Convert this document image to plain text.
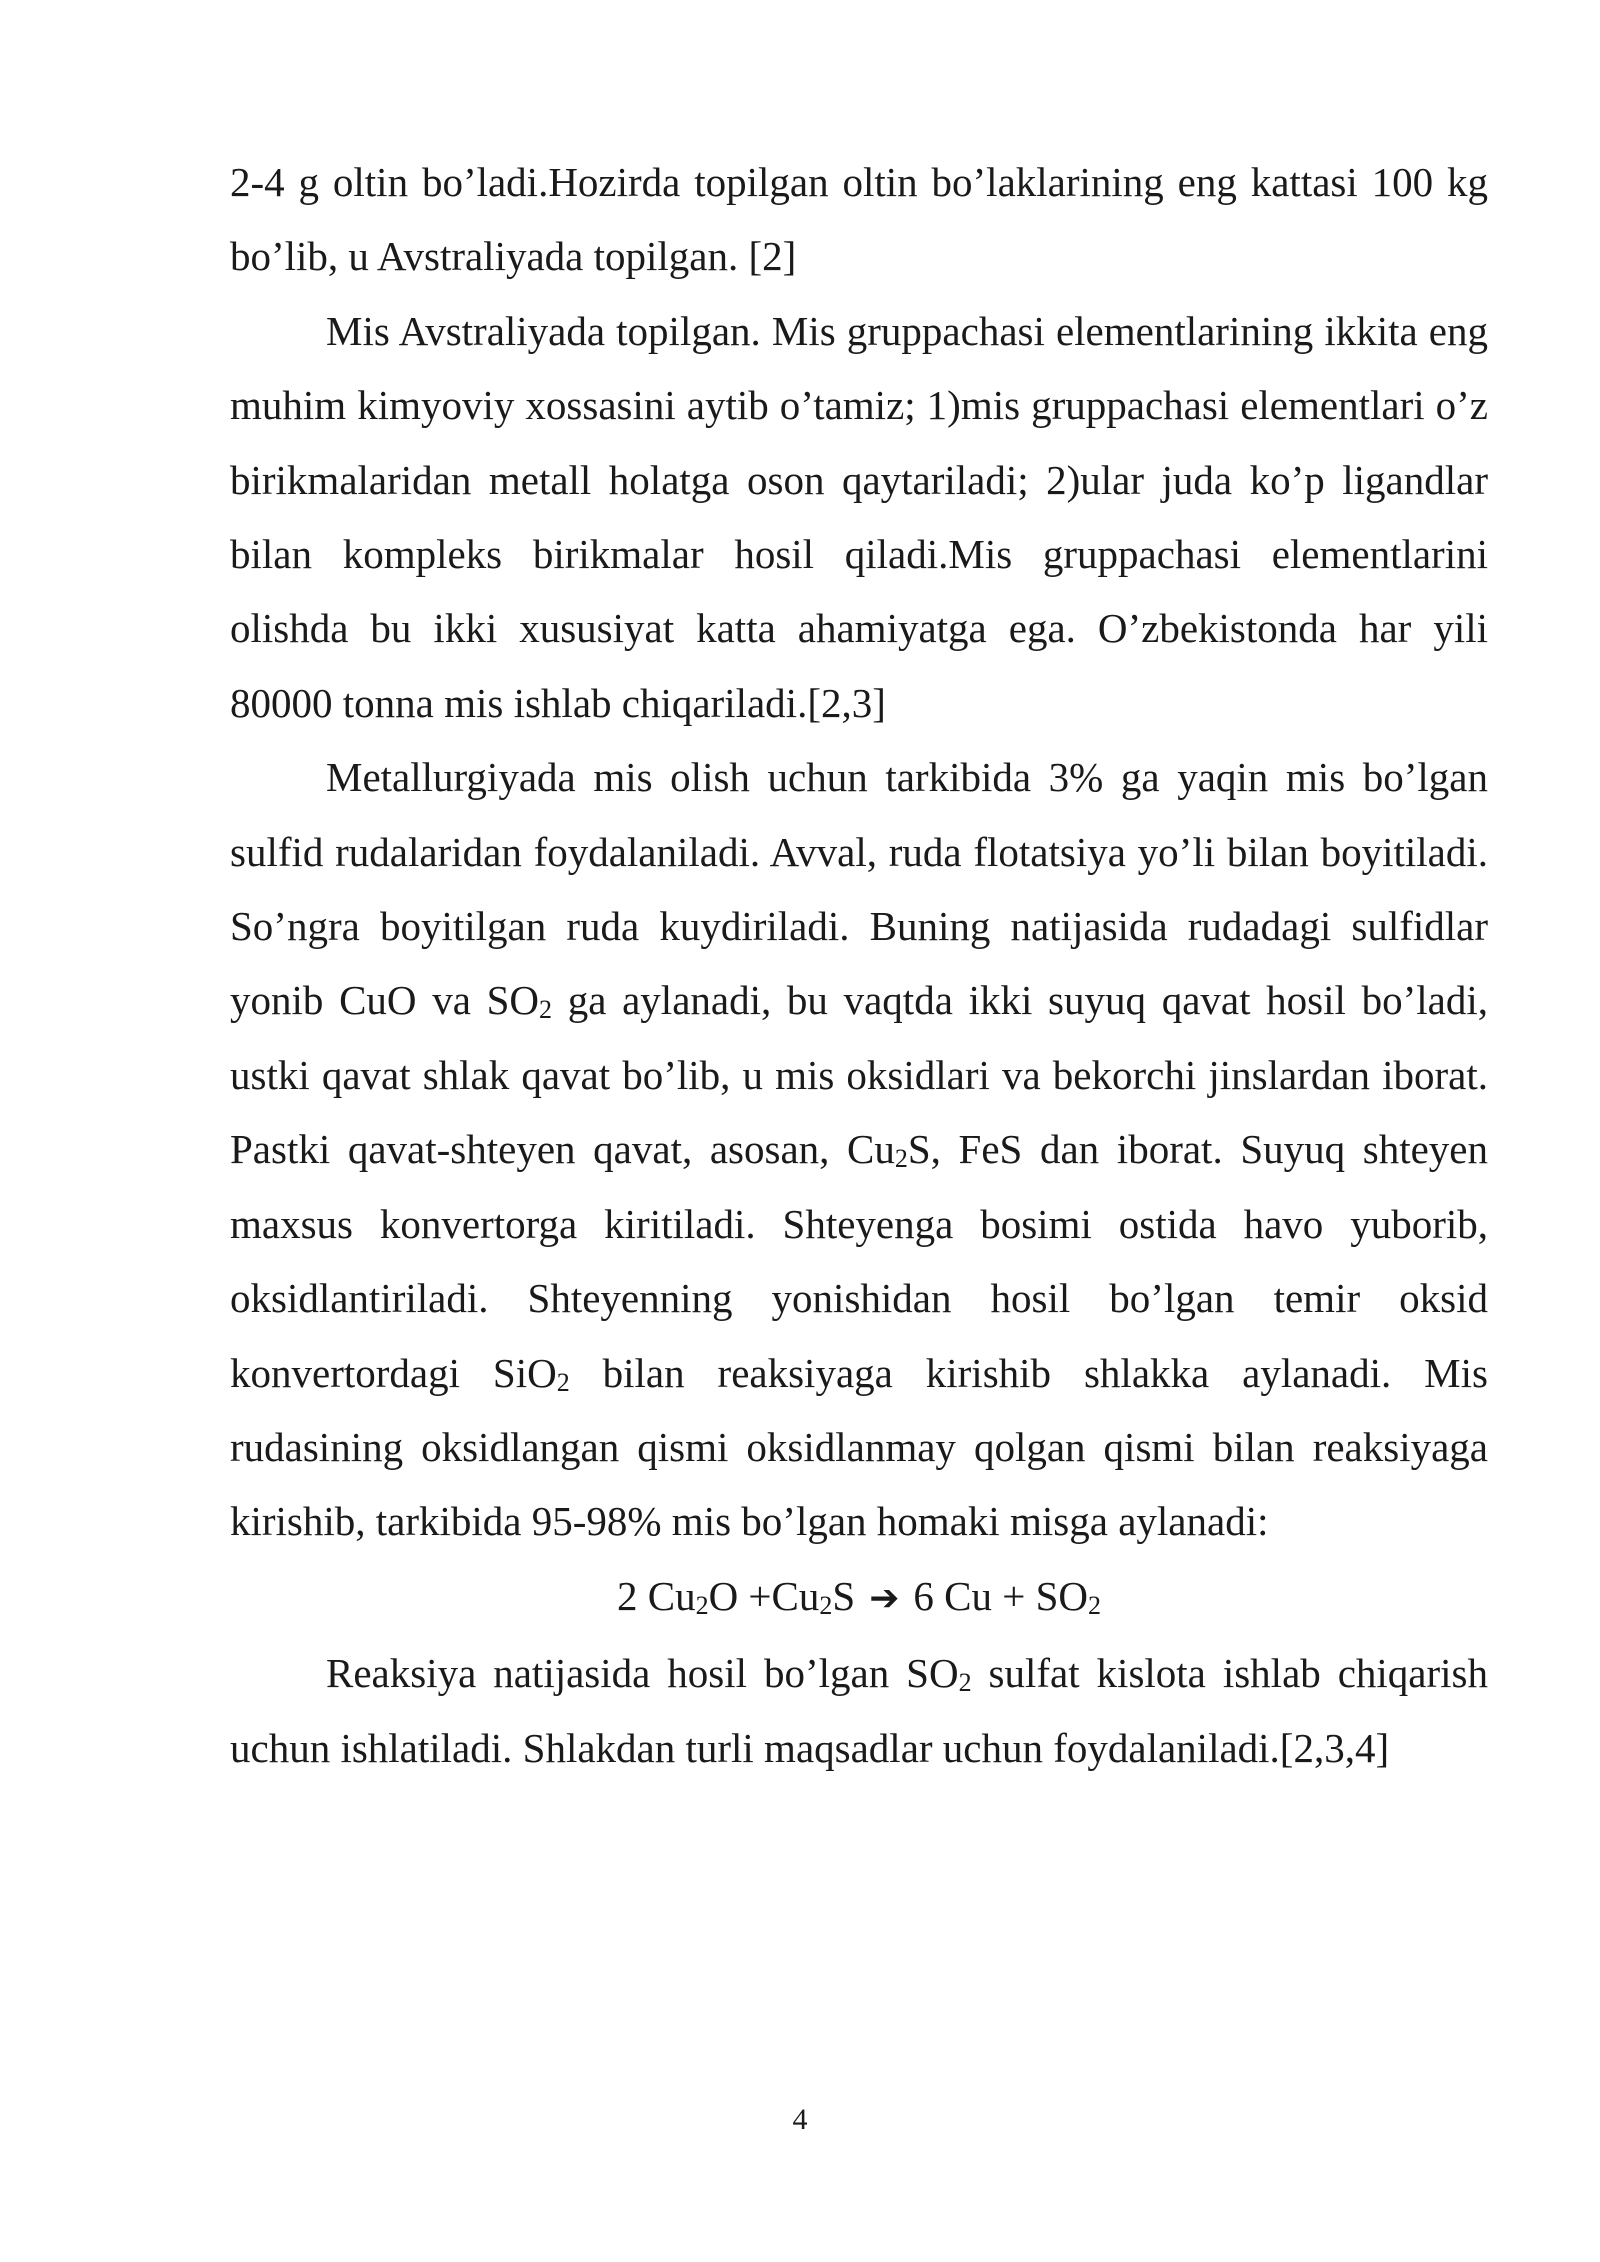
2-4 g oltin bo’ladi.Hozirda topilgan oltin bo’laklarining eng kattasi 100 kg bo’lib, u Avstraliyada topilgan. [2]

Mis Avstraliyada topilgan. Mis gruppachasi elementlarining ikkita eng muhim kimyoviy xossasini aytib o’tamiz; 1)mis gruppachasi elementlari o’z birikmalaridan metall holatga oson qaytariladi; 2)ular juda ko’p ligandlar bilan kompleks birikmalar hosil qiladi.Mis gruppachasi elementlarini olishda bu ikki xususiyat katta ahamiyatga ega. O’zbekistonda har yili 80000 tonna mis ishlab chiqariladi.[2,3]

Metallurgiyada mis olish uchun tarkibida 3% ga yaqin mis bo’lgan sulfid rudalaridan foydalaniladi. Avval, ruda flotatsiya yo’li bilan boyitiladi. So’ngra boyitilgan ruda kuydiriladi. Buning natijasida rudadagi sulfidlar yonib CuO va $SO_2$ ga aylanadi, bu vaqtda ikki suyuq qavat hosil bo’ladi, ustki qavat shlak qavat bo’lib, u mis oksidlari va bekorchi jinslardan iborat. Pastki qavat-shteyen qavat, asosan, $Cu_2S$, FeS dan iborat. Suyuq shteyen maxsus konvertorga kiritiladi. Shteyenga bosimi ostida havo yuborib, oksidlantiriladi. Shteyenning yonishidan hosil bo’lgan temir oksid konvertordagi SiO$_2$ bilan reaksiyaga kirishib shlakka aylanadi. Mis rudasining oksidlangan qismi oksidlanmay qolgan qismi bilan reaksiyaga kirishib, tarkibida 95-98% mis bo’lgan homaki misga aylanadi:

2 $Cu_2O +Cu_2S$ ➔ 6 $Cu + SO_2$

Reaksiya natijasida hosil bo’lgan $SO_2$ sulfat kislota ishlab chiqarish uchun ishlatiladi. Shlakdan turli maqsadlar uchun foydalaniladi.[2,3,4]

4
